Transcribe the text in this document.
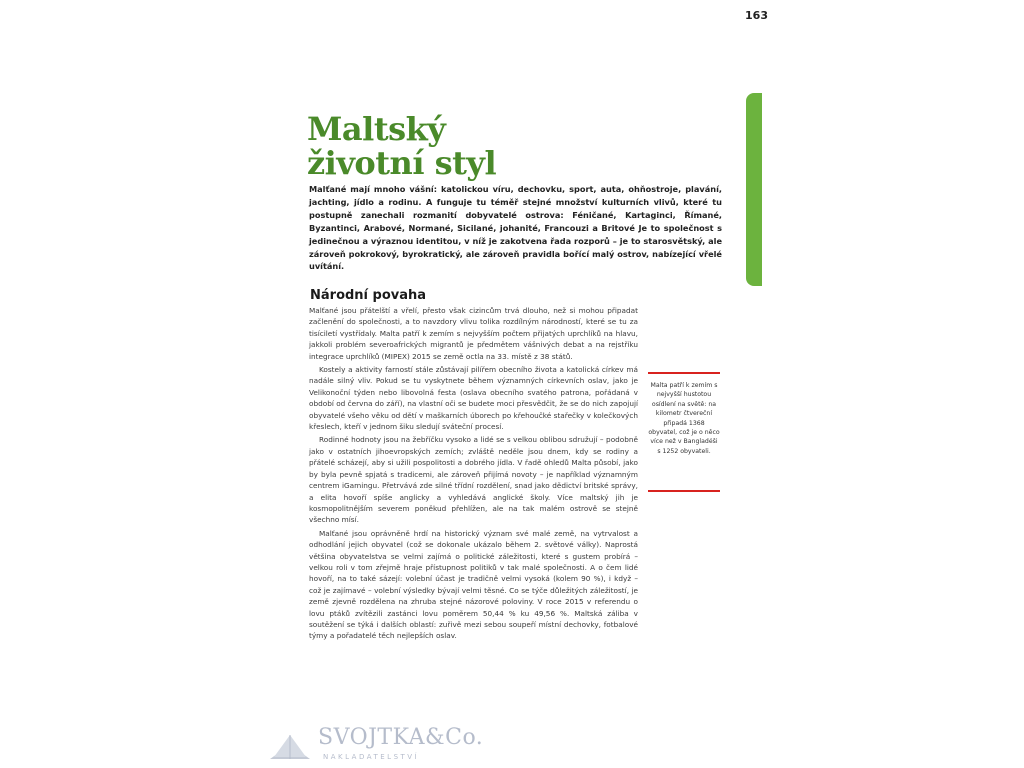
163
Maltský
životní styl

Malťané mají mnoho vášní: katolickou víru, dechovku, sport, auta, ohňostroje, plavání, jachting, jídlo a rodinu. A funguje tu téměř stejné množství kulturních vlivů, které tu postupně zanechali rozmanití dobyvatelé ostrova: Féničané, Kartaginci, Římané, Byzantinci, Arabové, Normané, Sicilané, johanité, Francouzi a Britové Je to společnost s jedinečnou a výraznou identitou, v níž je zakotvena řada rozporů – je to starosvětský, ale zároveň pokrokový, byrokratický, ale zároveň pravidla bořící malý ostrov, nabízející vřelé uvítání.

Národní povaha

Malťané jsou přátelští a vřelí, přesto však cizincům trvá dlouho, než si mohou připadat začlenění do společnosti, a to navzdory vlivu tolika rozdílným národností, které se tu za tisíciletí vystřídaly. Malta patří k zemím s nejvyšším počtem přijatých uprchlíků na hlavu, jakkoli problém severoafrických migrantů je předmětem vášnivých debat a na rejstříku integrace uprchlíků (MIPEX) 2015 se země octla na 33. místě z 38 států.

Kostely a aktivity farností stále zůstávají pilířem obecního života a katolická církev má nadále silný vliv. Pokud se tu vyskytnete během významných církevních oslav, jako je Velikonoční týden nebo libovolná festa (oslava obecního svatého patrona, pořádaná v období od června do září), na vlastní oči se budete moci přesvědčit, že se do nich zapojují obyvatelé všeho věku od dětí v maškarních úborech po křehoučké stařečky v kolečkových křeslech, kteří v jednom šiku sledují sváteční procesí.

Rodinné hodnoty jsou na žebříčku vysoko a lidé se s velkou oblibou sdružují – podobně jako v ostatních jihoevropských zemích; zvláště neděle jsou dnem, kdy se rodiny a přátelé scházejí, aby si užili pospolitosti a dobrého jídla. V řadě ohledů Malta působí, jako by byla pevně spjatá s tradicemi, ale zároveň přijímá novoty – je například významným centrem iGamingu. Přetrvává zde silné třídní rozdělení, snad jako dědictví britské správy, a elita hovoří spíše anglicky a vyhledává anglické školy. Více maltský jih je kosmopolitnějším severem poněkud přehlížen, ale na tak malém ostrově se stejně všechno mísí.

Malťané jsou oprávněně hrdí na historický význam své malé země, na vytrvalost a odhodlání jejich obyvatel (což se dokonale ukázalo během 2. světové války). Naprostá většina obyvatelstva se velmi zajímá o politické záležitosti, které s gustem probírá – velkou roli v tom zřejmě hraje přístupnost politiků v tak malé společnosti. A o čem lidé hovoří, na to také sázejí: volební účast je tradičně velmi vysoká (kolem 90 %), i když – což je zajímavé – volební výsledky bývají velmi těsné. Co se týče důležitých záležitostí, je země zjevně rozdělena na zhruba stejné názorové poloviny. V roce 2015 v referendu o lovu ptáků zvítězili zastánci lovu poměrem 50,44 % ku 49,56 %. Maltská záliba v soutěžení se týká i dalších oblastí: zuřivě mezi sebou soupeří místní dechovky, fotbalové týmy a pořadatelé těch nejlepších oslav.

Malta patří k zemím s nejvyšší hustotou osídlení na světě: na kilometr čtvereční připadá 1368 obyvatel, což je o něco více než v Bangladéši s 1252 obyvateli.
SVOJTKA&Co.
NAKLADATELSTVÍ
